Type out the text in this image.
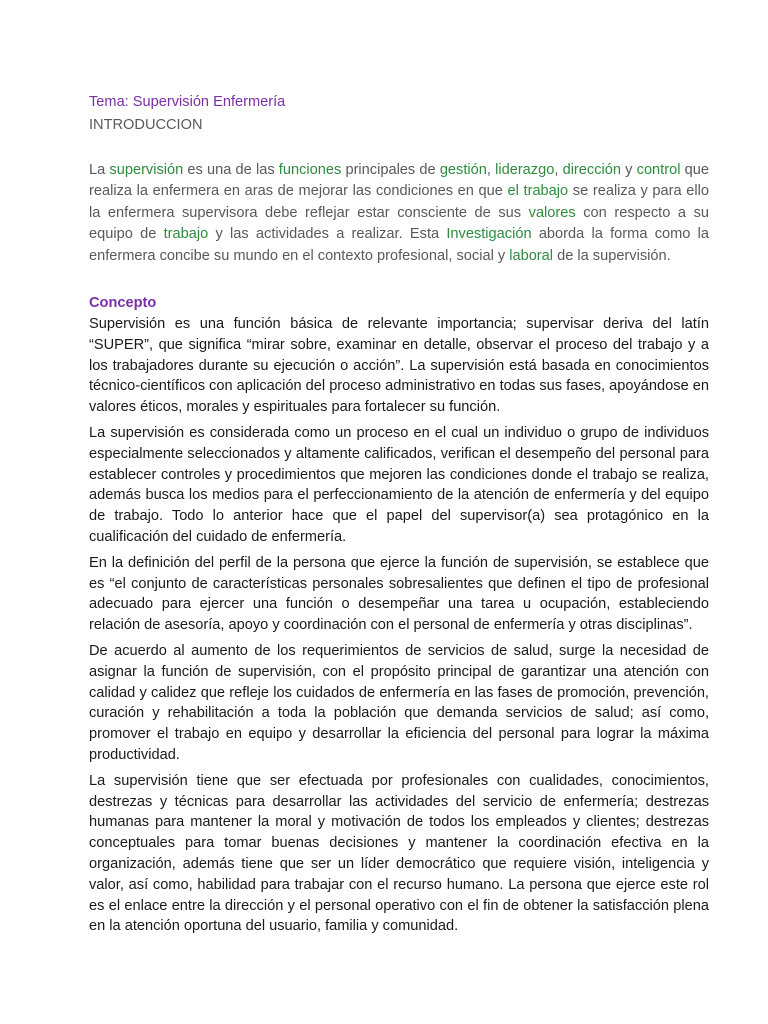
Tema: Supervisión Enfermería

INTRODUCCION

La supervisión es una de las funciones principales de gestión, liderazgo, dirección y control que realiza la enfermera en aras de mejorar las condiciones en que el trabajo se realiza y para ello la enfermera supervisora debe reflejar estar consciente de sus valores con respecto a su equipo de trabajo y las actividades a realizar. Esta Investigación aborda la forma como la enfermera concibe su mundo en el contexto profesional, social y laboral de la supervisión.

Concepto

Supervisión es una función básica de relevante importancia; supervisar deriva del latín “SUPER”, que significa “mirar sobre, examinar en detalle, observar el proceso del trabajo y a los trabajadores durante su ejecución o acción”. La supervisión está basada en conocimientos técnico-científicos con aplicación del proceso administrativo en todas sus fases, apoyándose en valores éticos, morales y espirituales para fortalecer su función.

La supervisión es considerada como un proceso en el cual un individuo o grupo de individuos especialmente seleccionados y altamente calificados, verifican el desempeño del personal para establecer controles y procedimientos que mejoren las condiciones donde el trabajo se realiza, además busca los medios para el perfeccionamiento de la atención de enfermería y del equipo de trabajo. Todo lo anterior hace que el papel del supervisor(a) sea protagónico en la cualificación del cuidado de enfermería.

En la definición del perfil de la persona que ejerce la función de supervisión, se establece que es “el conjunto de características personales sobresalientes que definen el tipo de profesional adecuado para ejercer una función o desempeñar una tarea u ocupación, estableciendo relación de asesoría, apoyo y coordinación con el personal de enfermería y otras disciplinas”.

De acuerdo al aumento de los requerimientos de servicios de salud, surge la necesidad de asignar la función de supervisión, con el propósito principal de garantizar una atención con calidad y calidez que refleje los cuidados de enfermería en las fases de promoción, prevención, curación y rehabilitación a toda la población que demanda servicios de salud; así como, promover el trabajo en equipo y desarrollar la eficiencia del personal para lograr la máxima productividad.

La supervisión tiene que ser efectuada por profesionales con cualidades, conocimientos, destrezas y técnicas para desarrollar las actividades del servicio de enfermería; destrezas humanas para mantener la moral y motivación de todos los empleados y clientes; destrezas conceptuales para tomar buenas decisiones y mantener la coordinación efectiva en la organización, además tiene que ser un líder democrático que requiere visión, inteligencia y valor, así como, habilidad para trabajar con el recurso humano. La persona que ejerce este rol es el enlace entre la dirección y el personal operativo con el fin de obtener la satisfacción plena en la atención oportuna del usuario, familia y comunidad.
